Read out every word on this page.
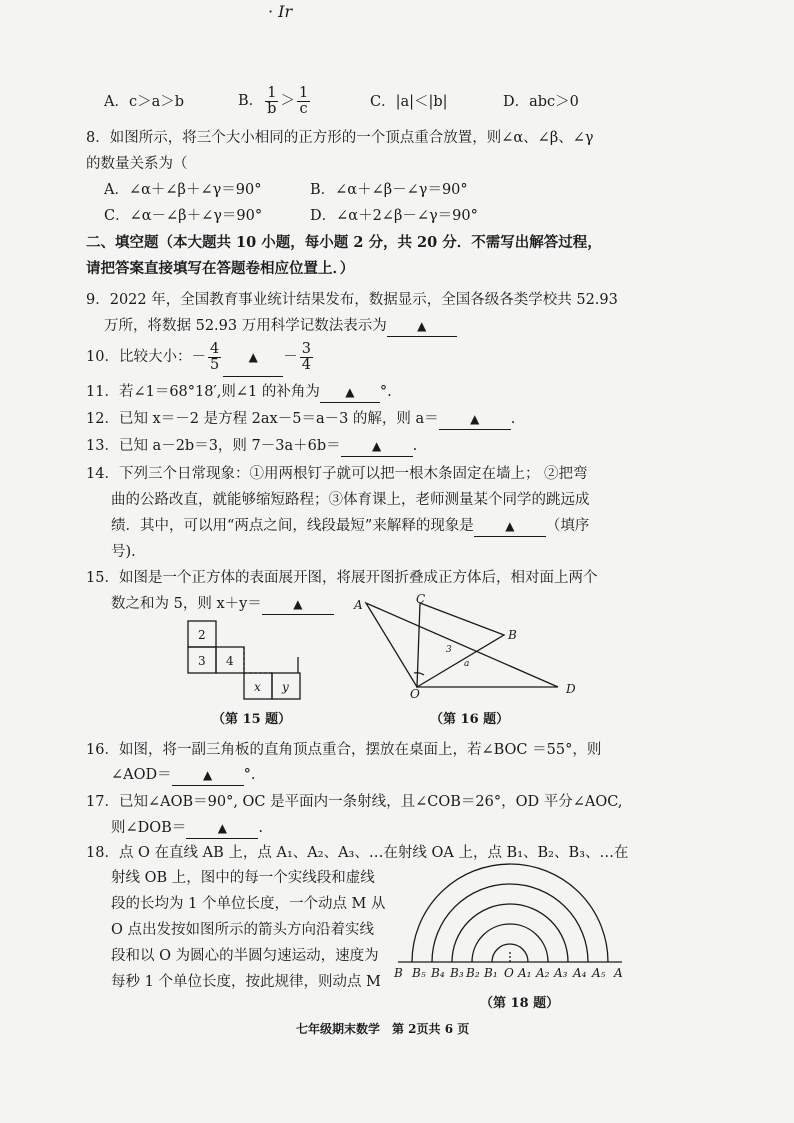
· Ir
A．c＞a＞b	B． $\frac{1}{b} > \frac{1}{c}$	C．|a|＜|b|	D．abc＞0
8．如图所示，将三个大小相同的正方形的一个顶点重合放置，则∠α、∠β、∠γ
的数量关系为（
A．∠α＋∠β＋∠γ＝90°	B．∠α＋∠β－∠γ＝90°
C．∠α－∠β＋∠γ＝90°	D．∠α＋2∠β－∠γ＝90°
二、填空题（本大题共 10 小题，每小题 2 分，共 20 分．不需写出解答过程，
请把答案直接填写在答题卷相应位置上．）
9．2022 年，全国教育事业统计结果发布，数据显示，全国各级各类学校共 52.93
万所，将数据 52.93 万用科学记数法表示为	▲
10．比较大小：－ $\frac{4}{5}$ ▲ － $\frac{3}{4}$
11．若∠1＝68°18′,则∠1 的补角为 ▲ °.
12．已知 x＝－2 是方程 2ax－5＝a－3 的解，则 a＝	▲ .
13．已知 a－2b＝3，则 7－3a＋6b＝	▲ .
14．下列三个日常现象：①用两根钉子就可以把一根木条固定在墙上； ②把弯
曲的公路改直，就能够缩短路程；③体育课上，老师测量某个同学的跳远成
绩．其中，可以用“两点之间，线段最短”来解释的现象是	▲ （填序
号).
15．如图是一个正方体的表面展开图，将展开图折叠成正方体后，相对面上两个
数之和为 5，则 x＋y＝	▲
2
3 4
x y
A	C
B
O	D
3
a
（第 15 题）	（第 16 题）
16．如图，将一副三角板的直角顶点重合，摆放在桌面上，若∠BOC ＝55°，则
∠AOD＝	▲ °.
17．已知∠AOB＝90°, OC 是平面内一条射线，且∠COB＝26°，OD 平分∠AOC,
则∠DOB＝	▲ .
18．点 O 在直线 AB 上，点 A₁、A₂、A₃、…在射线 OA 上，点 B₁、B₂、B₃、…在
射线 OB 上，图中的每一个实线段和虚线
段的长均为 1 个单位长度，一个动点 M 从
O 点出发按如图所示的箭头方向沿着实线
段和以 O 为圆心的半圆匀速运动，速度为
每秒 1 个单位长度，按此规律，则动点 M
B B₅ B₄ B₃ B₂ B₁ O A₁ A₂ A₃ A₄ A₅ A
（第 18 题）
七年级期末数学　第 2页共 6 页
